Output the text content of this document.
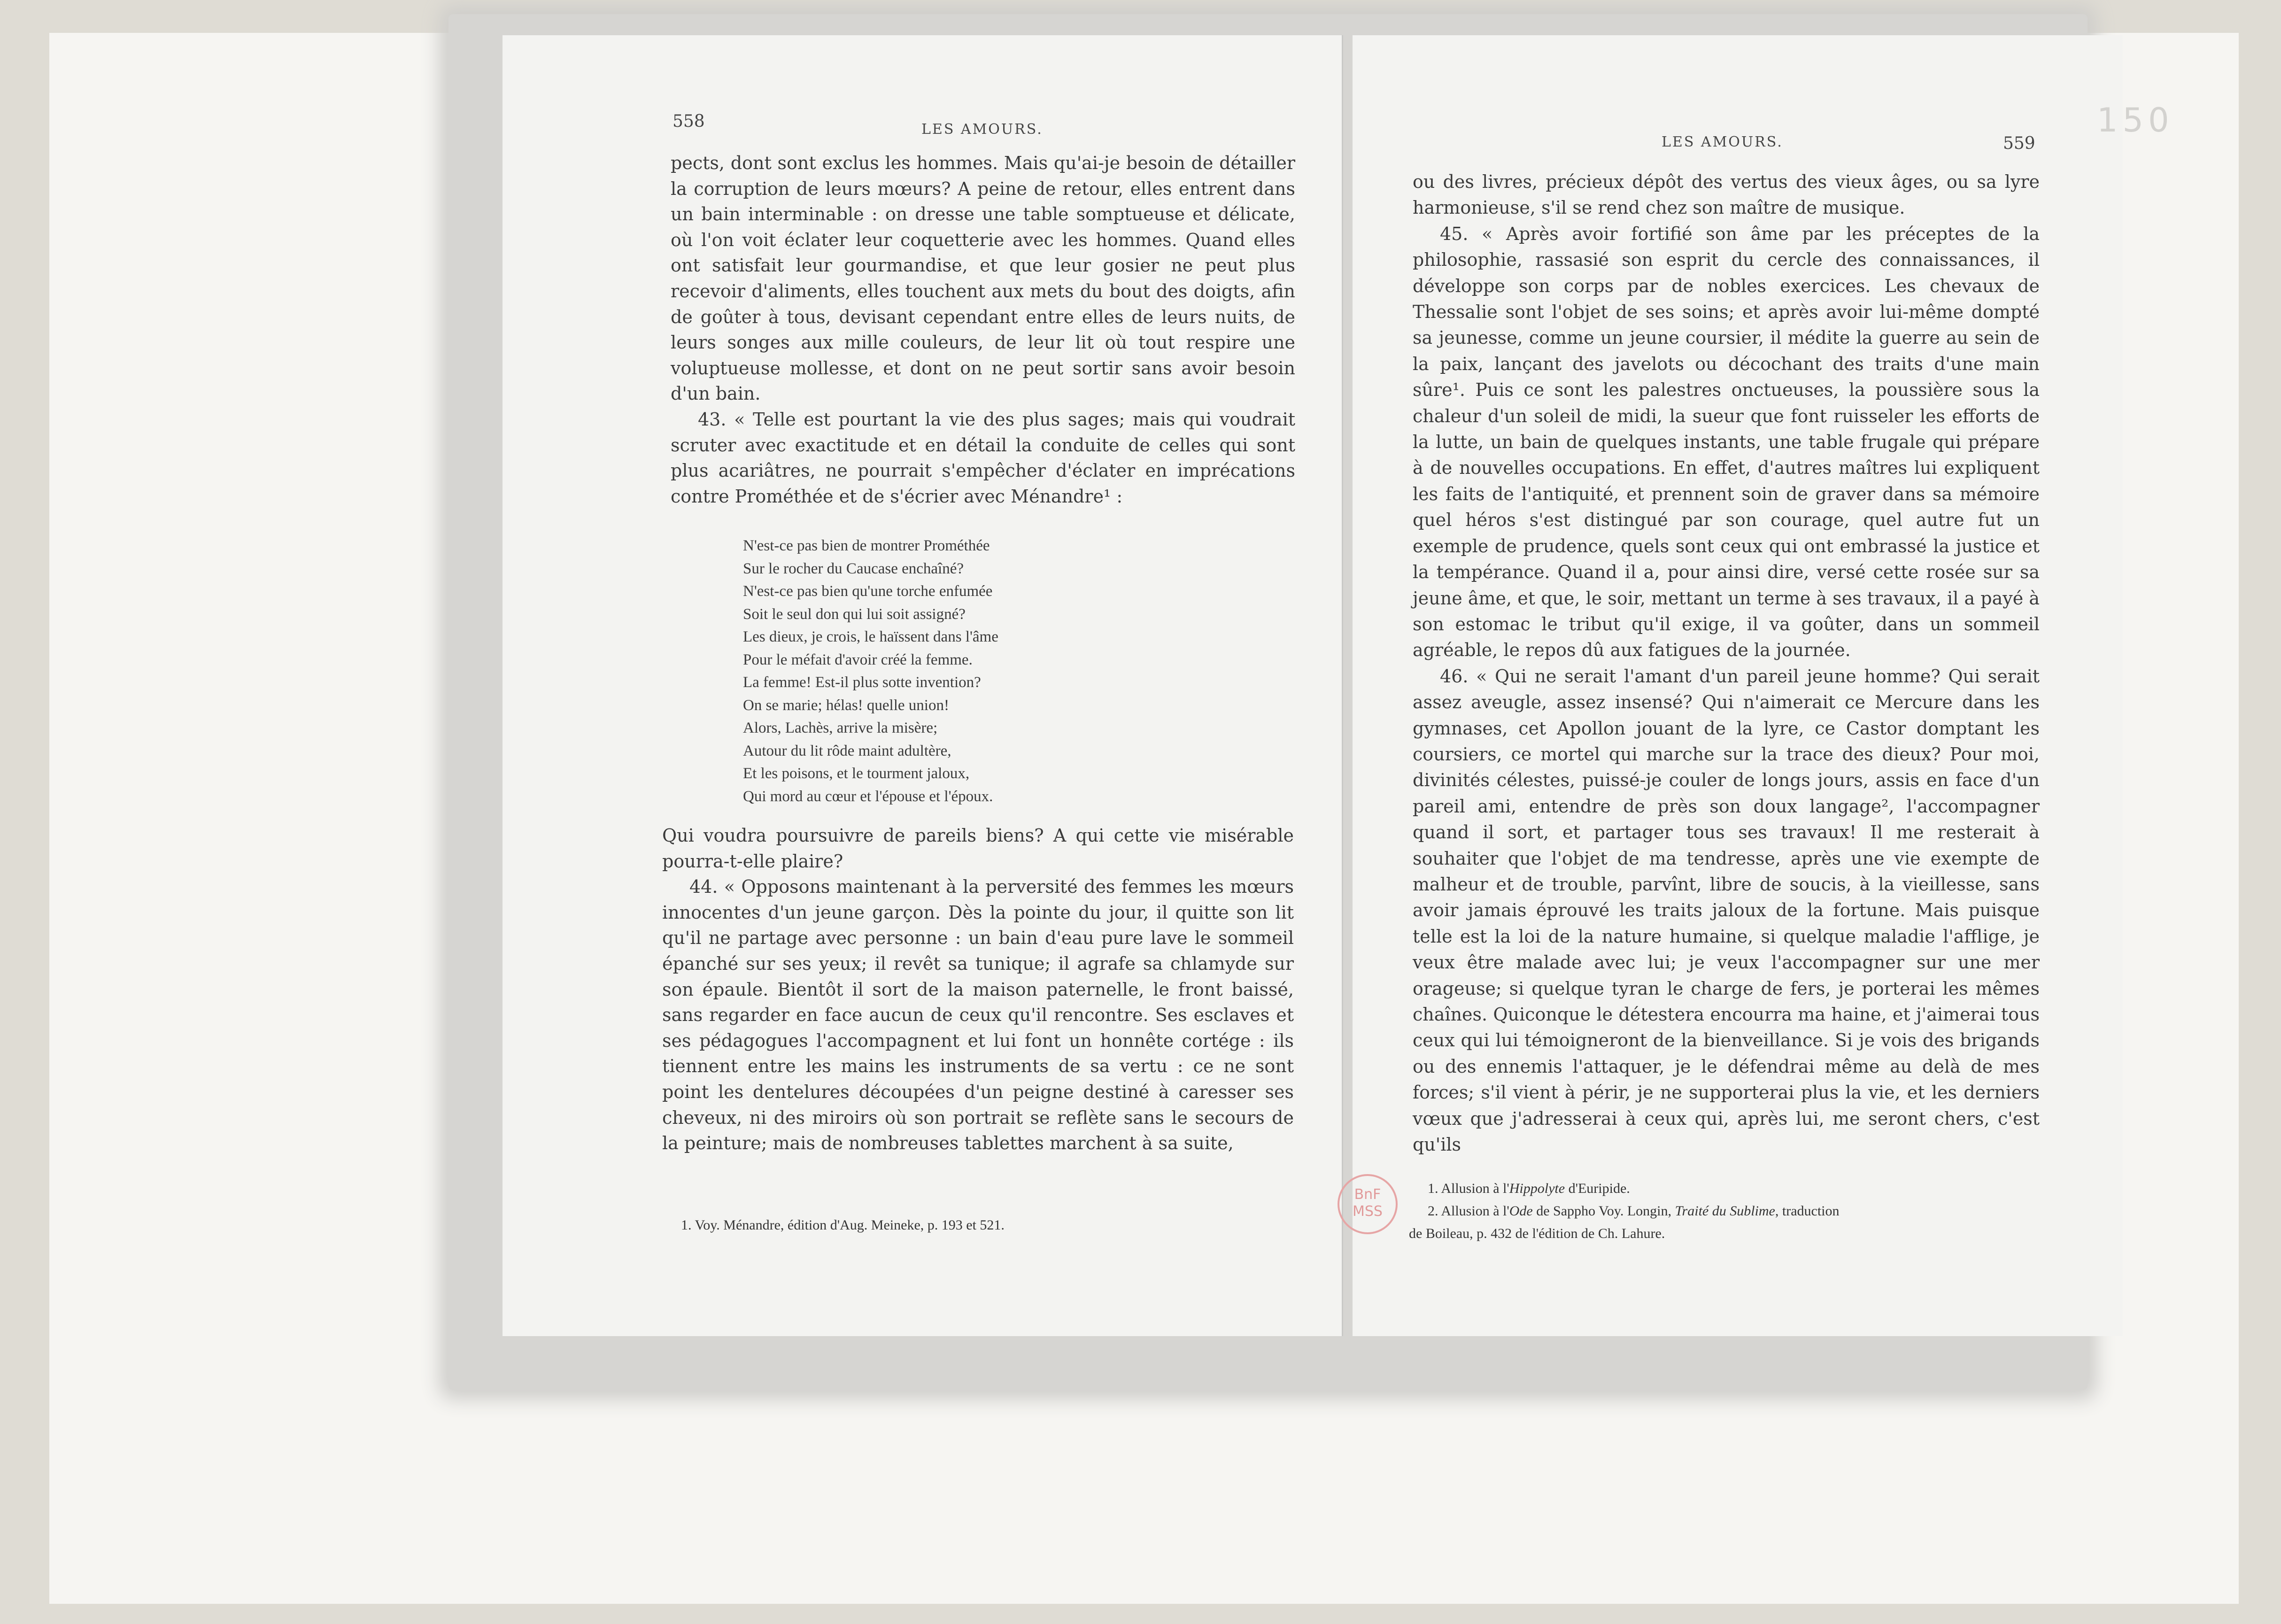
558	LES AMOURS.

pects, dont sont exclus les hommes. Mais qu'ai-je besoin de détailler la corruption de leurs mœurs? A peine de retour, elles entrent dans un bain interminable : on dresse une table somptueuse et délicate, où l'on voit éclater leur coquetterie avec les hommes. Quand elles ont satisfait leur gourmandise, et que leur gosier ne peut plus recevoir d'aliments, elles touchent aux mets du bout des doigts, afin de goûter à tous, devisant cependant entre elles de leurs nuits, de leurs songes aux mille couleurs, de leur lit où tout respire une voluptueuse mollesse, et dont on ne peut sortir sans avoir besoin d'un bain.

43. « Telle est pourtant la vie des plus sages; mais qui voudrait scruter avec exactitude et en détail la conduite de celles qui sont plus acariâtres, ne pourrait s'empêcher d'éclater en imprécations contre Prométhée et de s'écrier avec Ménandre¹ :

N'est-ce pas bien de montrer Prométhée
Sur le rocher du Caucase enchaîné?
N'est-ce pas bien qu'une torche enfumée
Soit le seul don qui lui soit assigné?
Les dieux, je crois, le haïssent dans l'âme
Pour le méfait d'avoir créé la femme.
La femme! Est-il plus sotte invention?
On se marie; hélas! quelle union!
Alors, Lachès, arrive la misère;
Autour du lit rôde maint adultère,
Et les poisons, et le tourment jaloux,
Qui mord au cœur et l'épouse et l'époux.

Qui voudra poursuivre de pareils biens? A qui cette vie misérable pourra-t-elle plaire?

44. « Opposons maintenant à la perversité des femmes les mœurs innocentes d'un jeune garçon. Dès la pointe du jour, il quitte son lit qu'il ne partage avec personne : un bain d'eau pure lave le sommeil épanché sur ses yeux; il revêt sa tunique; il agrafe sa chlamyde sur son épaule. Bientôt il sort de la maison paternelle, le front baissé, sans regarder en face aucun de ceux qu'il rencontre. Ses esclaves et ses pédagogues l'accompagnent et lui font un honnête cortége : ils tiennent entre les mains les instruments de sa vertu : ce ne sont point les dentelures découpées d'un peigne destiné à caresser ses cheveux, ni des miroirs où son portrait se reflète sans le secours de la peinture; mais de nombreuses tablettes marchent à sa suite,

1. Voy. Ménandre, édition d'Aug. Meineke, p. 193 et 521.
LES AMOURS.	559

ou des livres, précieux dépôt des vertus des vieux âges, ou sa lyre harmonieuse, s'il se rend chez son maître de musique.

45. « Après avoir fortifié son âme par les préceptes de la philosophie, rassasié son esprit du cercle des connaissances, il développe son corps par de nobles exercices. Les chevaux de Thessalie sont l'objet de ses soins; et après avoir lui-même dompté sa jeunesse, comme un jeune coursier, il médite la guerre au sein de la paix, lançant des javelots ou décochant des traits d'une main sûre¹. Puis ce sont les palestres onctueuses, la poussière sous la chaleur d'un soleil de midi, la sueur que font ruisseler les efforts de la lutte, un bain de quelques instants, une table frugale qui prépare à de nouvelles occupations. En effet, d'autres maîtres lui expliquent les faits de l'antiquité, et prennent soin de graver dans sa mémoire quel héros s'est distingué par son courage, quel autre fut un exemple de prudence, quels sont ceux qui ont embrassé la justice et la tempérance. Quand il a, pour ainsi dire, versé cette rosée sur sa jeune âme, et que, le soir, mettant un terme à ses travaux, il a payé à son estomac le tribut qu'il exige, il va goûter, dans un sommeil agréable, le repos dû aux fatigues de la journée.

46. « Qui ne serait l'amant d'un pareil jeune homme? Qui serait assez aveugle, assez insensé? Qui n'aimerait ce Mercure dans les gymnases, cet Apollon jouant de la lyre, ce Castor domptant les coursiers, ce mortel qui marche sur la trace des dieux? Pour moi, divinités célestes, puissé-je couler de longs jours, assis en face d'un pareil ami, entendre de près son doux langage², l'accompagner quand il sort, et partager tous ses travaux! Il me resterait à souhaiter que l'objet de ma tendresse, après une vie exempte de malheur et de trouble, parvînt, libre de soucis, à la vieillesse, sans avoir jamais éprouvé les traits jaloux de la fortune. Mais puisque telle est la loi de la nature humaine, si quelque maladie l'afflige, je veux être malade avec lui; je veux l'accompagner sur une mer orageuse; si quelque tyran le charge de fers, je porterai les mêmes chaînes. Quiconque le détestera encourra ma haine, et j'aimerai tous ceux qui lui témoigneront de la bienveillance. Si je vois des brigands ou des ennemis l'attaquer, je le défendrai même au delà de mes forces; s'il vient à périr, je ne supporterai plus la vie, et les derniers vœux que j'adresserai à ceux qui, après lui, me seront chers, c'est qu'ils

1. Allusion à l'Hippolyte d'Euripide.
2. Allusion à l'Ode de Sappho Voy. Longin, Traité du Sublime, traduction
de Boileau, p. 432 de l'édition de Ch. Lahure.
150
BnF
MSS
